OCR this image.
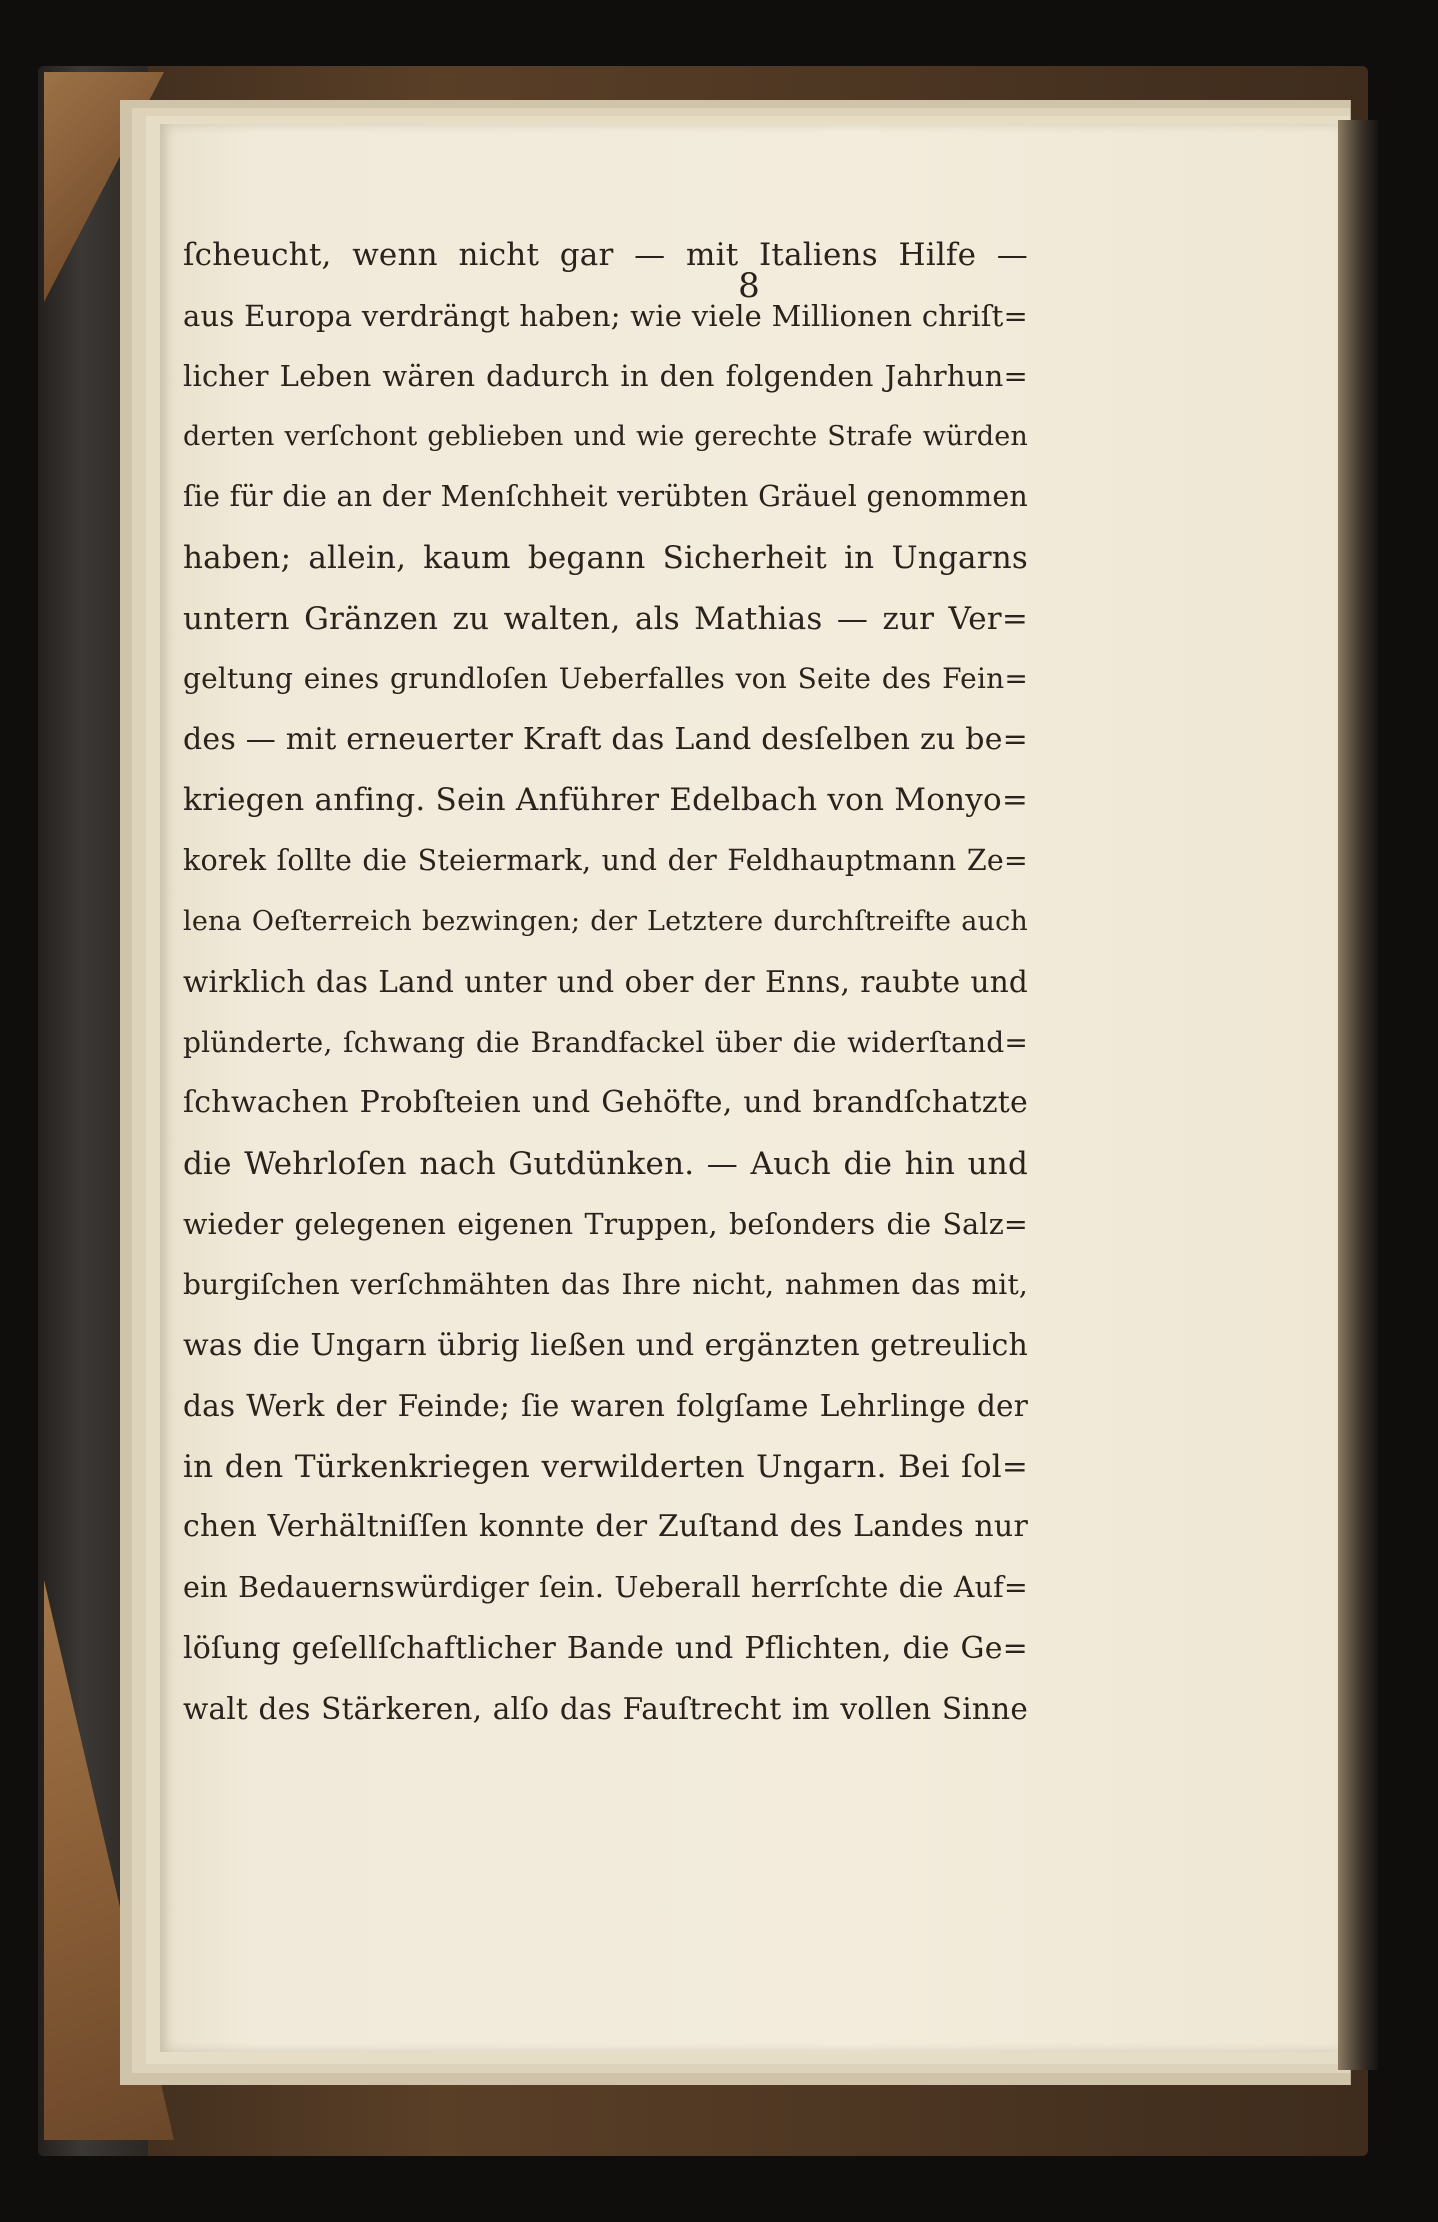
8
ſcheucht, wenn nicht gar — mit Italiens Hilfe —
aus Europa verdrängt haben; wie viele Millionen chriſt=
licher Leben wären dadurch in den folgenden Jahrhun=
derten verſchont geblieben und wie gerechte Strafe würden
ſie für die an der Menſchheit verübten Gräuel genommen
haben; allein, kaum begann Sicherheit in Ungarns
untern Gränzen zu walten, als Mathias — zur Ver=
geltung eines grundloſen Ueberfalles von Seite des Fein=
des — mit erneuerter Kraft das Land desſelben zu be=
kriegen anfing. Sein Anführer Edelbach von Monyo=
korek ſollte die Steiermark, und der Feldhauptmann Ze=
lena Oeſterreich bezwingen; der Letztere durchſtreifte auch
wirklich das Land unter und ober der Enns, raubte und
plünderte, ſchwang die Brandfackel über die widerſtand=
ſchwachen Probſteien und Gehöfte, und brandſchatzte
die Wehrloſen nach Gutdünken. — Auch die hin und
wieder gelegenen eigenen Truppen, beſonders die Salz=
burgiſchen verſchmähten das Ihre nicht, nahmen das mit,
was die Ungarn übrig ließen und ergänzten getreulich
das Werk der Feinde; ſie waren folgſame Lehrlinge der
in den Türkenkriegen verwilderten Ungarn. Bei ſol=
chen Verhältniſſen konnte der Zuſtand des Landes nur
ein Bedauernswürdiger ſein. Ueberall herrſchte die Auf=
löſung geſellſchaftlicher Bande und Pflichten, die Ge=
walt des Stärkeren, alſo das Fauſtrecht im vollen Sinne
